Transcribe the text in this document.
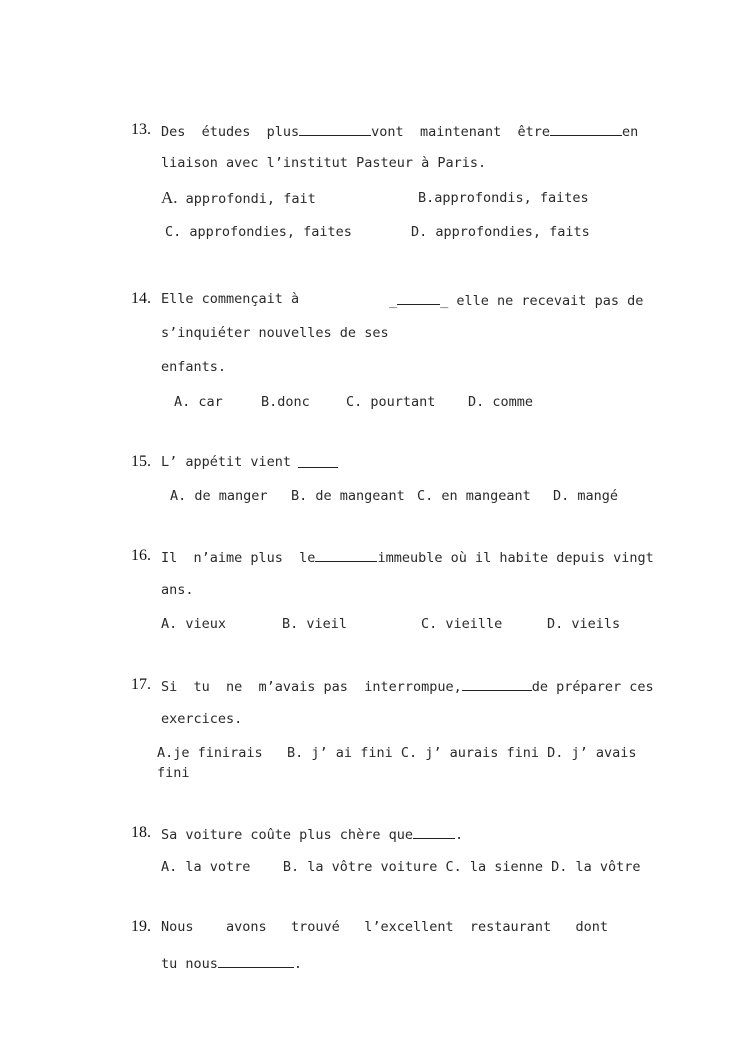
13. Des  études  plus	vont  maintenant  être	en
liaison avec l’institut Pasteur à Paris.
A. approfondi, fait	B.approfondis, faites
C. approfondies, faites	D. approfondies, faits
14. Elle commençait à	_	_ elle ne recevait pas de
s’inquiéter nouvelles de ses
enfants.
A. car	B.donc	C. pourtant D. comme
15. L’ appétit vient
A. de manger B. de mangeant C. en mangeant D. mangé
16. Il  n’aime plus  le	immeuble où il habite depuis vingt
ans.
A. vieux	B. vieil	C. vieille	D. vieils
17. Si  tu  ne  m’avais pas  interrompue,	de préparer ces
exercices.
A.je finirais   B. j’ ai fini C. j’ aurais fini D. j’ avais
fini
18. Sa voiture coûte plus chère que	.
A. la votre    B. la vôtre voiture C. la sienne D. la vôtre
19. Nous    avons   trouvé   l’excellent  restaurant   dont
tu nous	.
